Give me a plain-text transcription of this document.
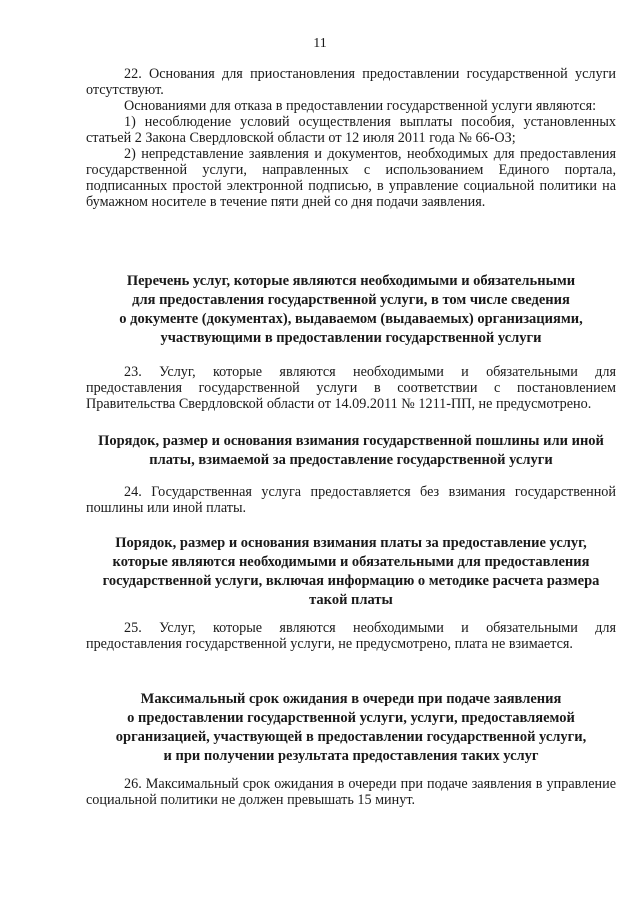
11

22. Основания для приостановления предоставлении государственной услуги отсутствуют.

Основаниями для отказа в предоставлении государственной услуги являются:

1) несоблюдение условий осуществления выплаты пособия, установленных статьей 2 Закона Свердловской области от 12 июля 2011 года № 66-ОЗ;

2) непредставление заявления и документов, необходимых для предоставления государственной услуги, направленных с использованием Единого портала, подписанных простой электронной подписью, в управление социальной политики на бумажном носителе в течение пяти дней со дня подачи заявления.

Перечень услуг, которые являются необходимыми и обязательными
для предоставления государственной услуги, в том числе сведения
о документе (документах), выдаваемом (выдаваемых) организациями,
участвующими в предоставлении государственной услуги

23. Услуг, которые являются необходимыми и обязательными для предоставления государственной услуги в соответствии с постановлением Правительства Свердловской области от 14.09.2011 № 1211-ПП, не предусмотрено.

Порядок, размер и основания взимания государственной пошлины или иной
платы, взимаемой за предоставление государственной услуги

24. Государственная услуга предоставляется без взимания государственной пошлины или иной платы.

Порядок, размер и основания взимания платы за предоставление услуг,
которые являются необходимыми и обязательными для предоставления
государственной услуги, включая информацию о методике расчета размера
такой платы

25. Услуг, которые являются необходимыми и обязательными для предоставления государственной услуги, не предусмотрено, плата не взимается.

Максимальный срок ожидания в очереди при подаче заявления
о предоставлении государственной услуги, услуги, предоставляемой
организацией, участвующей в предоставлении государственной услуги,
и при получении результата предоставления таких услуг

26. Максимальный срок ожидания в очереди при подаче заявления в управление социальной политики не должен превышать 15 минут.
